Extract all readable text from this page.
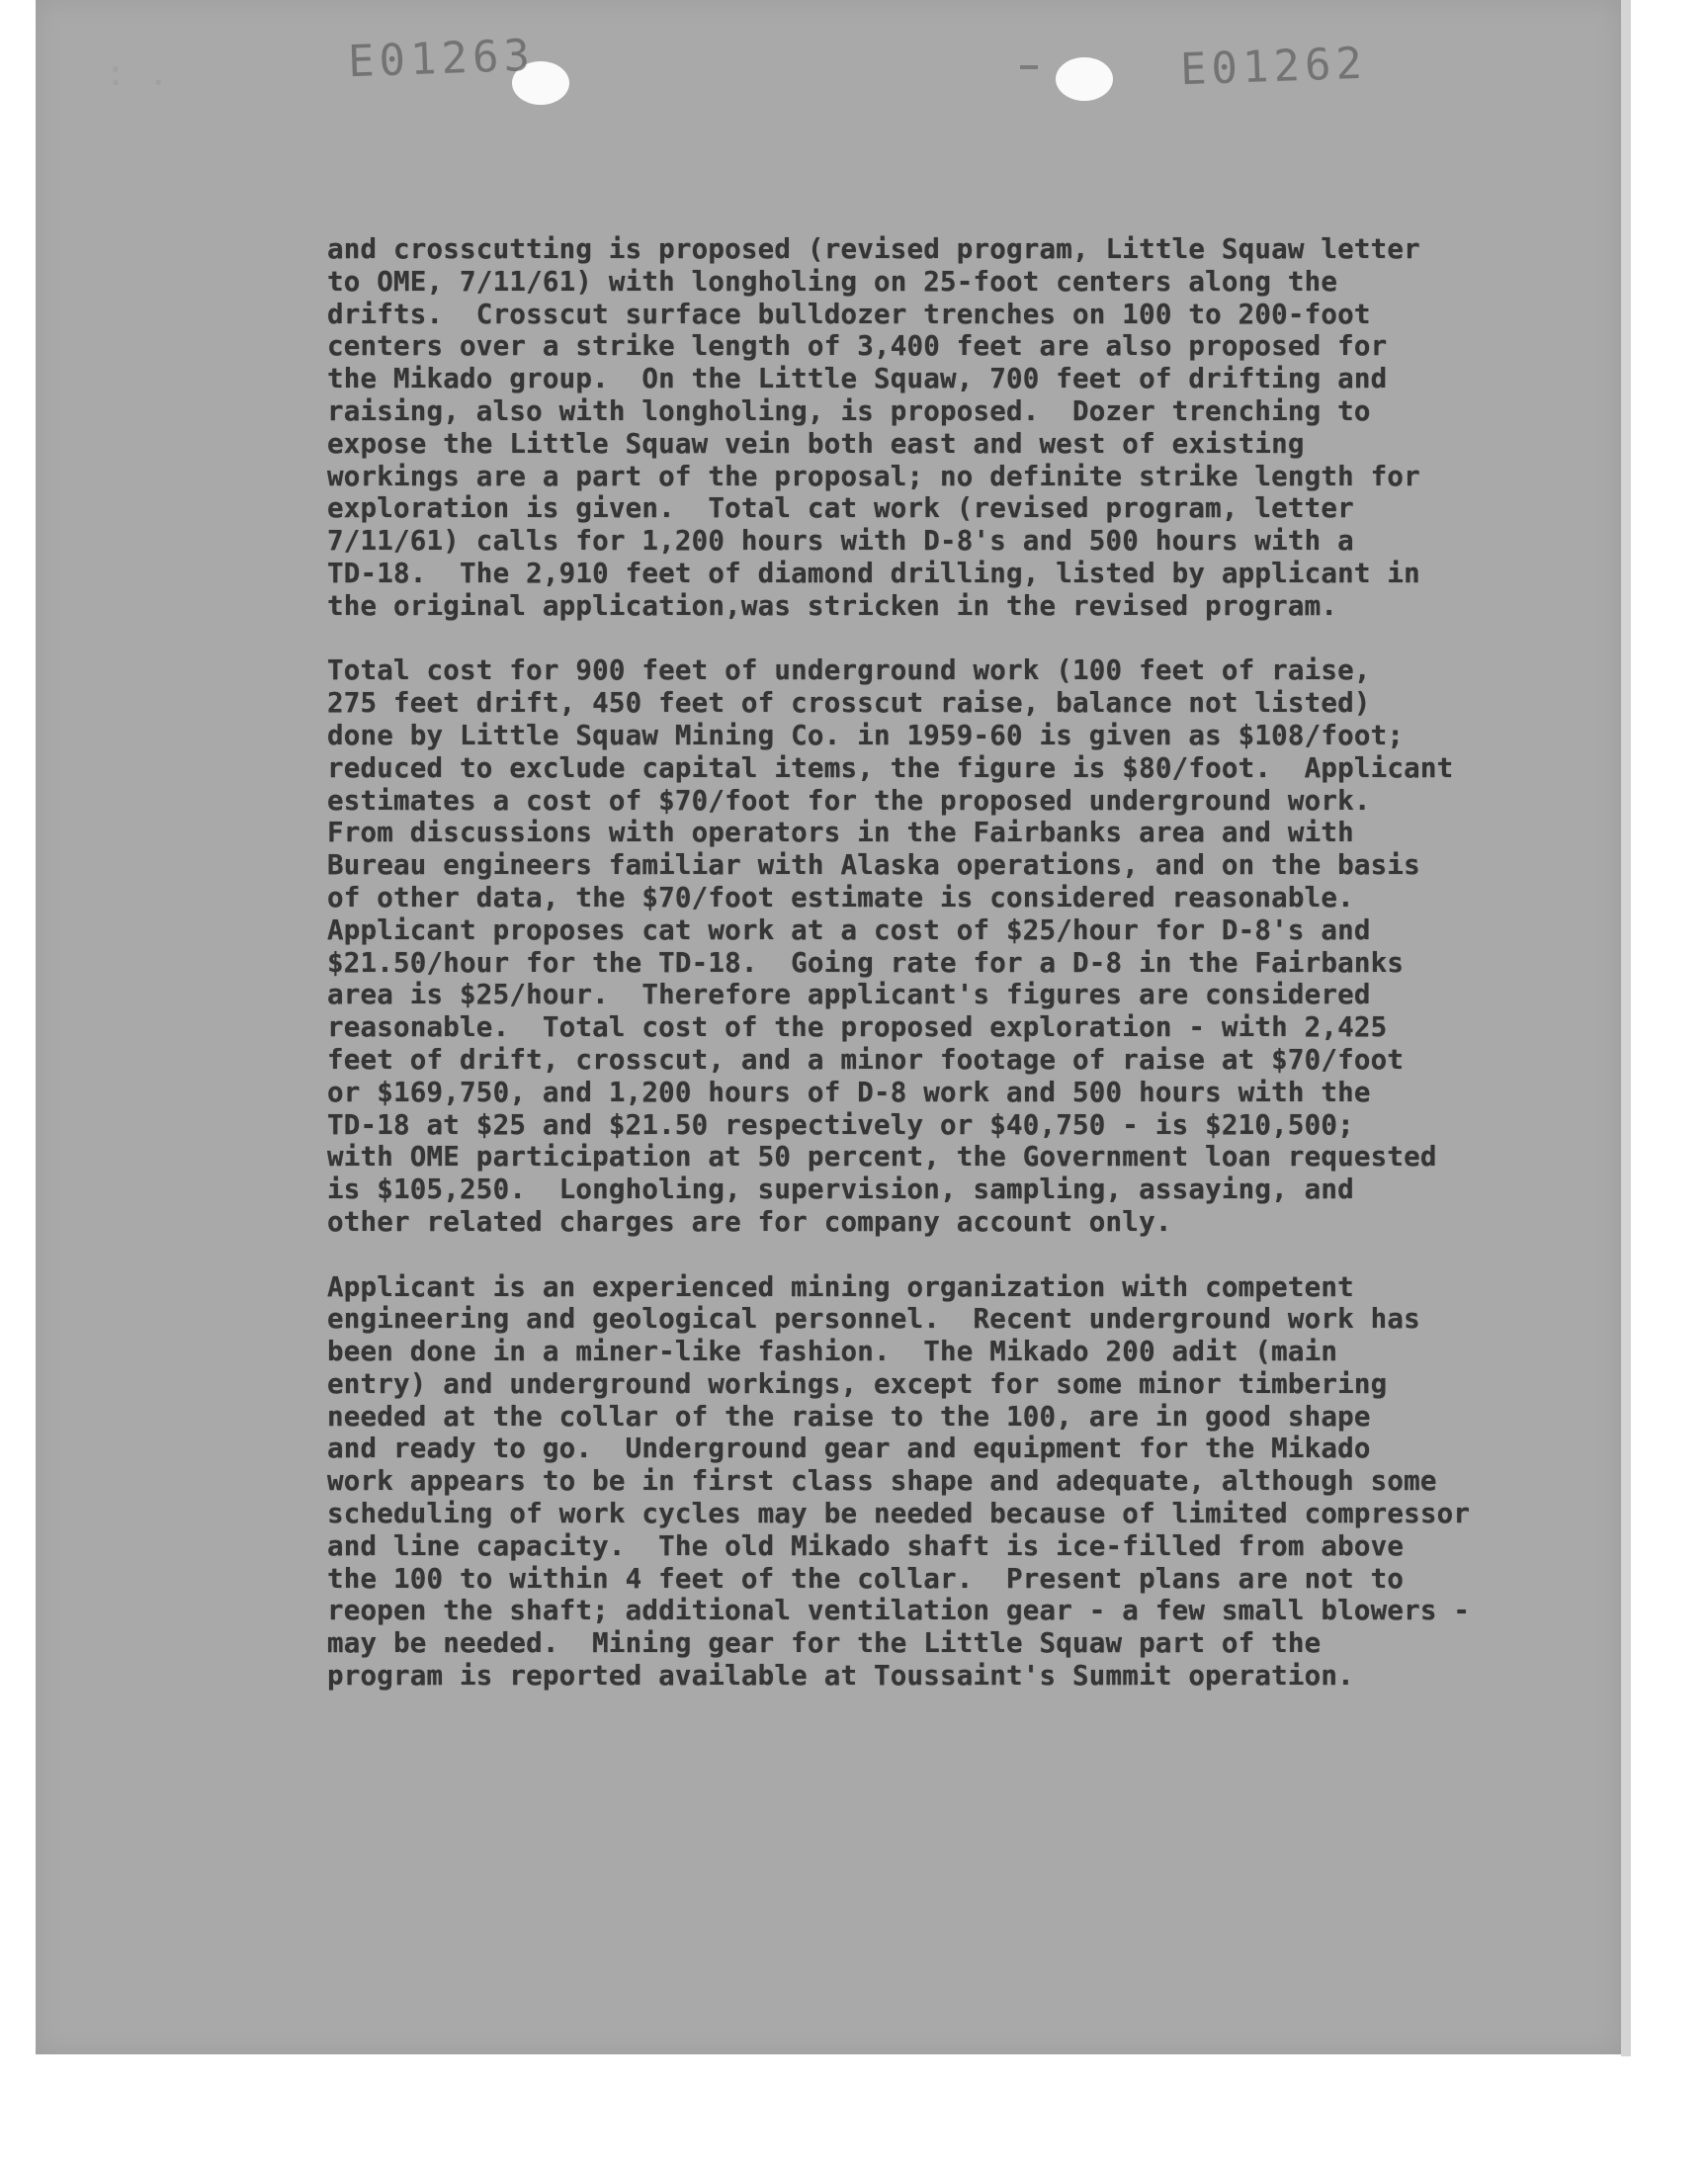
: .	E01263	E01262
and crosscutting is proposed (revised program, Little Squaw letter
to OME, 7/11/61) with longholing on 25-foot centers along the
drifts.  Crosscut surface bulldozer trenches on 100 to 200-foot
centers over a strike length of 3,400 feet are also proposed for
the Mikado group.  On the Little Squaw, 700 feet of drifting and
raising, also with longholing, is proposed.  Dozer trenching to
expose the Little Squaw vein both east and west of existing
workings are a part of the proposal; no definite strike length for
exploration is given.  Total cat work (revised program, letter
7/11/61) calls for 1,200 hours with D-8's and 500 hours with a
TD-18.  The 2,910 feet of diamond drilling, listed by applicant in
the original application,was stricken in the revised program.
Total cost for 900 feet of underground work (100 feet of raise,
275 feet drift, 450 feet of crosscut raise, balance not listed)
done by Little Squaw Mining Co. in 1959-60 is given as $108/foot;
reduced to exclude capital items, the figure is $80/foot.  Applicant
estimates a cost of $70/foot for the proposed underground work.
From discussions with operators in the Fairbanks area and with
Bureau engineers familiar with Alaska operations, and on the basis
of other data, the $70/foot estimate is considered reasonable.
Applicant proposes cat work at a cost of $25/hour for D-8's and
$21.50/hour for the TD-18.  Going rate for a D-8 in the Fairbanks
area is $25/hour.  Therefore applicant's figures are considered
reasonable.  Total cost of the proposed exploration - with 2,425
feet of drift, crosscut, and a minor footage of raise at $70/foot
or $169,750, and 1,200 hours of D-8 work and 500 hours with the
TD-18 at $25 and $21.50 respectively or $40,750 - is $210,500;
with OME participation at 50 percent, the Government loan requested
is $105,250.  Longholing, supervision, sampling, assaying, and
other related charges are for company account only.
Applicant is an experienced mining organization with competent
engineering and geological personnel.  Recent underground work has
been done in a miner-like fashion.  The Mikado 200 adit (main
entry) and underground workings, except for some minor timbering
needed at the collar of the raise to the 100, are in good shape
and ready to go.  Underground gear and equipment for the Mikado
work appears to be in first class shape and adequate, although some
scheduling of work cycles may be needed because of limited compressor
and line capacity.  The old Mikado shaft is ice-filled from above
the 100 to within 4 feet of the collar.  Present plans are not to
reopen the shaft; additional ventilation gear - a few small blowers -
may be needed.  Mining gear for the Little Squaw part of the
program is reported available at Toussaint's Summit operation.
